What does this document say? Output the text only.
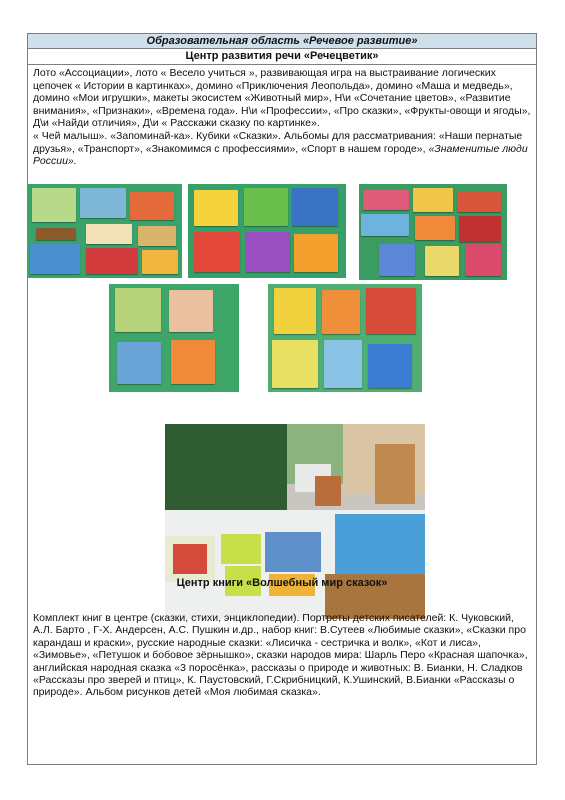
Образовательная область «Речевое развитие»
Центр развития речи «Речецветик»

Лото «Ассоциации», лото « Весело учиться », развивающая игра на выстраивание логических цепочек « Истории в картинках», домино «Приключения Леопольда», домино «Маша и медведь», домино «Мои игрушки», макеты экосистем «Животный мир», Н\и «Сочетание цветов», «Развитие внимания», «Признаки», «Времена года». Н\и «Профессии», «Про сказки», «Фрукты-овощи и ягоды», Д\и «Найди отличия», Д\и « Расскажи сказку по картинке».

« Чей малыш». «Запоминай-ка». Кубики «Сказки». Альбомы для рассматривания: «Наши пернатые друзья», «Транспорт», «Знакомимся с профессиями», «Спорт в нашем городе», «Знаменитые люди России».

Центр книги «Волшебный мир сказок»
Комплект книг в центре (сказки, стихи, энциклопедии). Портреты детских писателей: К. Чуковский, А.Л. Барто , Г-Х. Андерсен, А.С. Пушкин и.др., набор книг: В.Сутеев «Любимые сказки», «Сказки про карандаш и краски», русские народные сказки: «Лисичка - сестричка и волк», «Кот и лиса», «Зимовье», «Петушок и бобовое зёрнышко», сказки народов мира: Шарль Перо «Красная шапочка», английская народная сказка «3 поросёнка», рассказы о природе и животных: В. Бианки, Н. Сладков «Рассказы про зверей и птиц», К. Паустовский, Г.Скрибницкий, К.Ушинский, В.Бианки «Рассказы о природе». Альбом рисунков детей «Моя любимая сказка».
